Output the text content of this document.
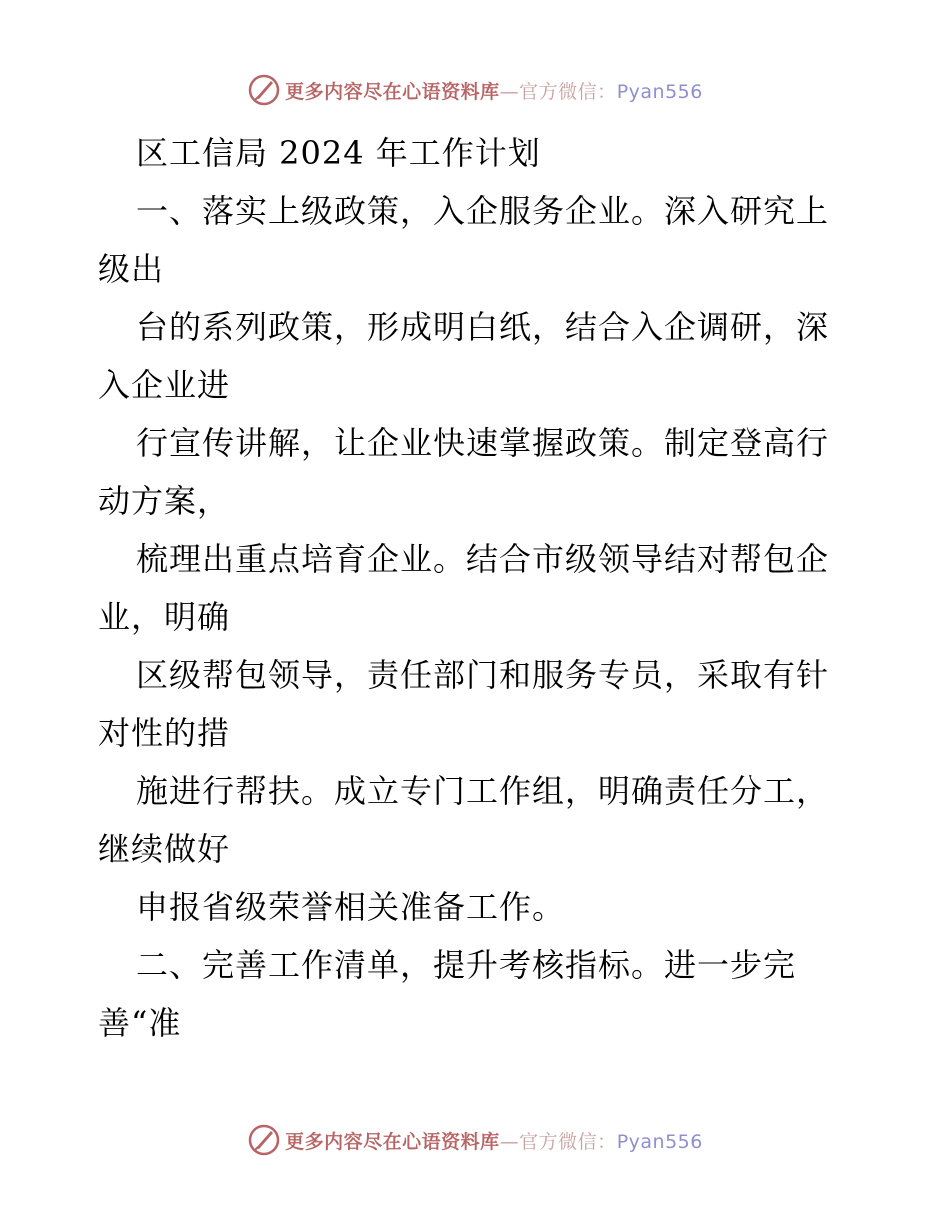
更多内容尽在心语资料库—官方微信：Pyan556
区工信局 2024 年工作计划
一、落实上级政策，入企服务企业。深入研究上
级出
台的系列政策，形成明白纸，结合入企调研，深
入企业进
行宣传讲解，让企业快速掌握政策。制定登高行
动方案，
梳理出重点培育企业。结合市级领导结对帮包企
业，明确
区级帮包领导，责任部门和服务专员，采取有针
对性的措
施进行帮扶。成立专门工作组，明确责任分工，
继续做好
申报省级荣誉相关准备工作。
二、完善工作清单，提升考核指标。进一步完
善“准
更多内容尽在心语资料库—官方微信：Pyan556
